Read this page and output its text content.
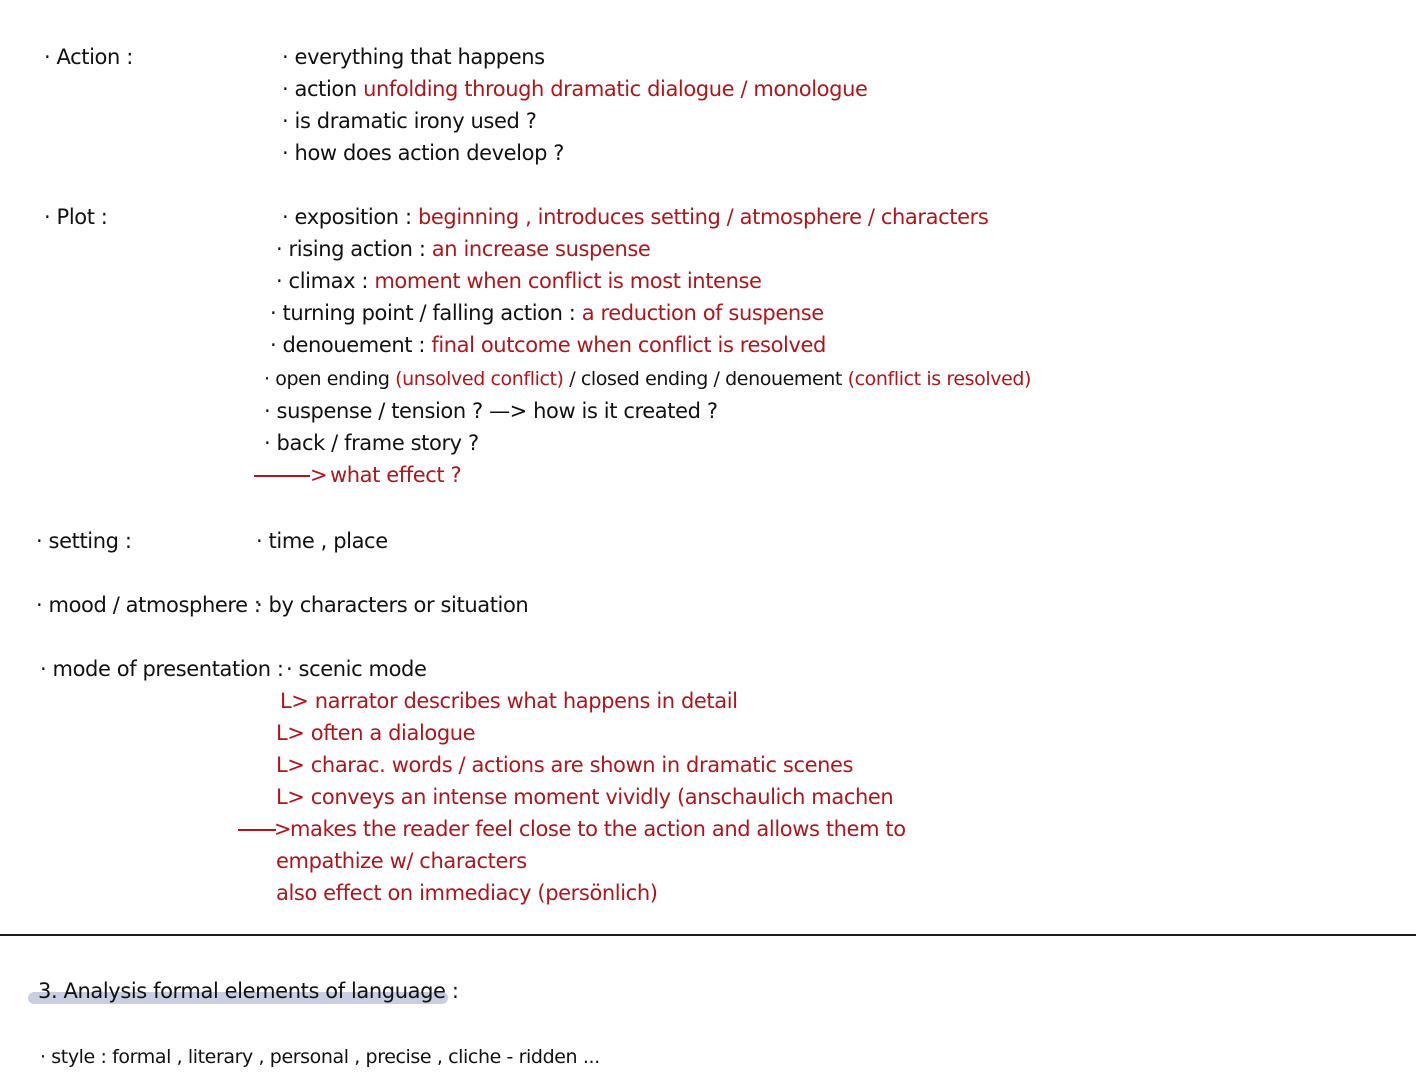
· Action :	· everything that happens
· action unfolding through dramatic dialogue / monologue
· is dramatic irony used ?
· how does action develop ?
· Plot :	· exposition : beginning , introduces setting / atmosphere / characters
· rising action : an increase suspense
· climax : moment when conflict is most intense
· turning point / falling action : a reduction of suspense
· denouement : final outcome when conflict is resolved
· open ending (unsolved conflict) / closed ending / denouement (conflict is resolved)
· suspense / tension ? —> how is it created ?
· back / frame story ?
> what effect ?
· setting :	· time , place
· mood / atmosphere :
· by characters or situation
· mode of presentation : · scenic mode
L> narrator describes what happens in detail
L> often a dialogue
L> charac. words / actions are shown in dramatic scenes
L> conveys an intense moment vividly (anschaulich machen
>
makes the reader feel close to the action and allows them to
empathize w/ characters
also effect on immediacy (persönlich)
3. Analysis formal elements of language :
· style : formal , literary , personal , precise , cliche - ridden ...
